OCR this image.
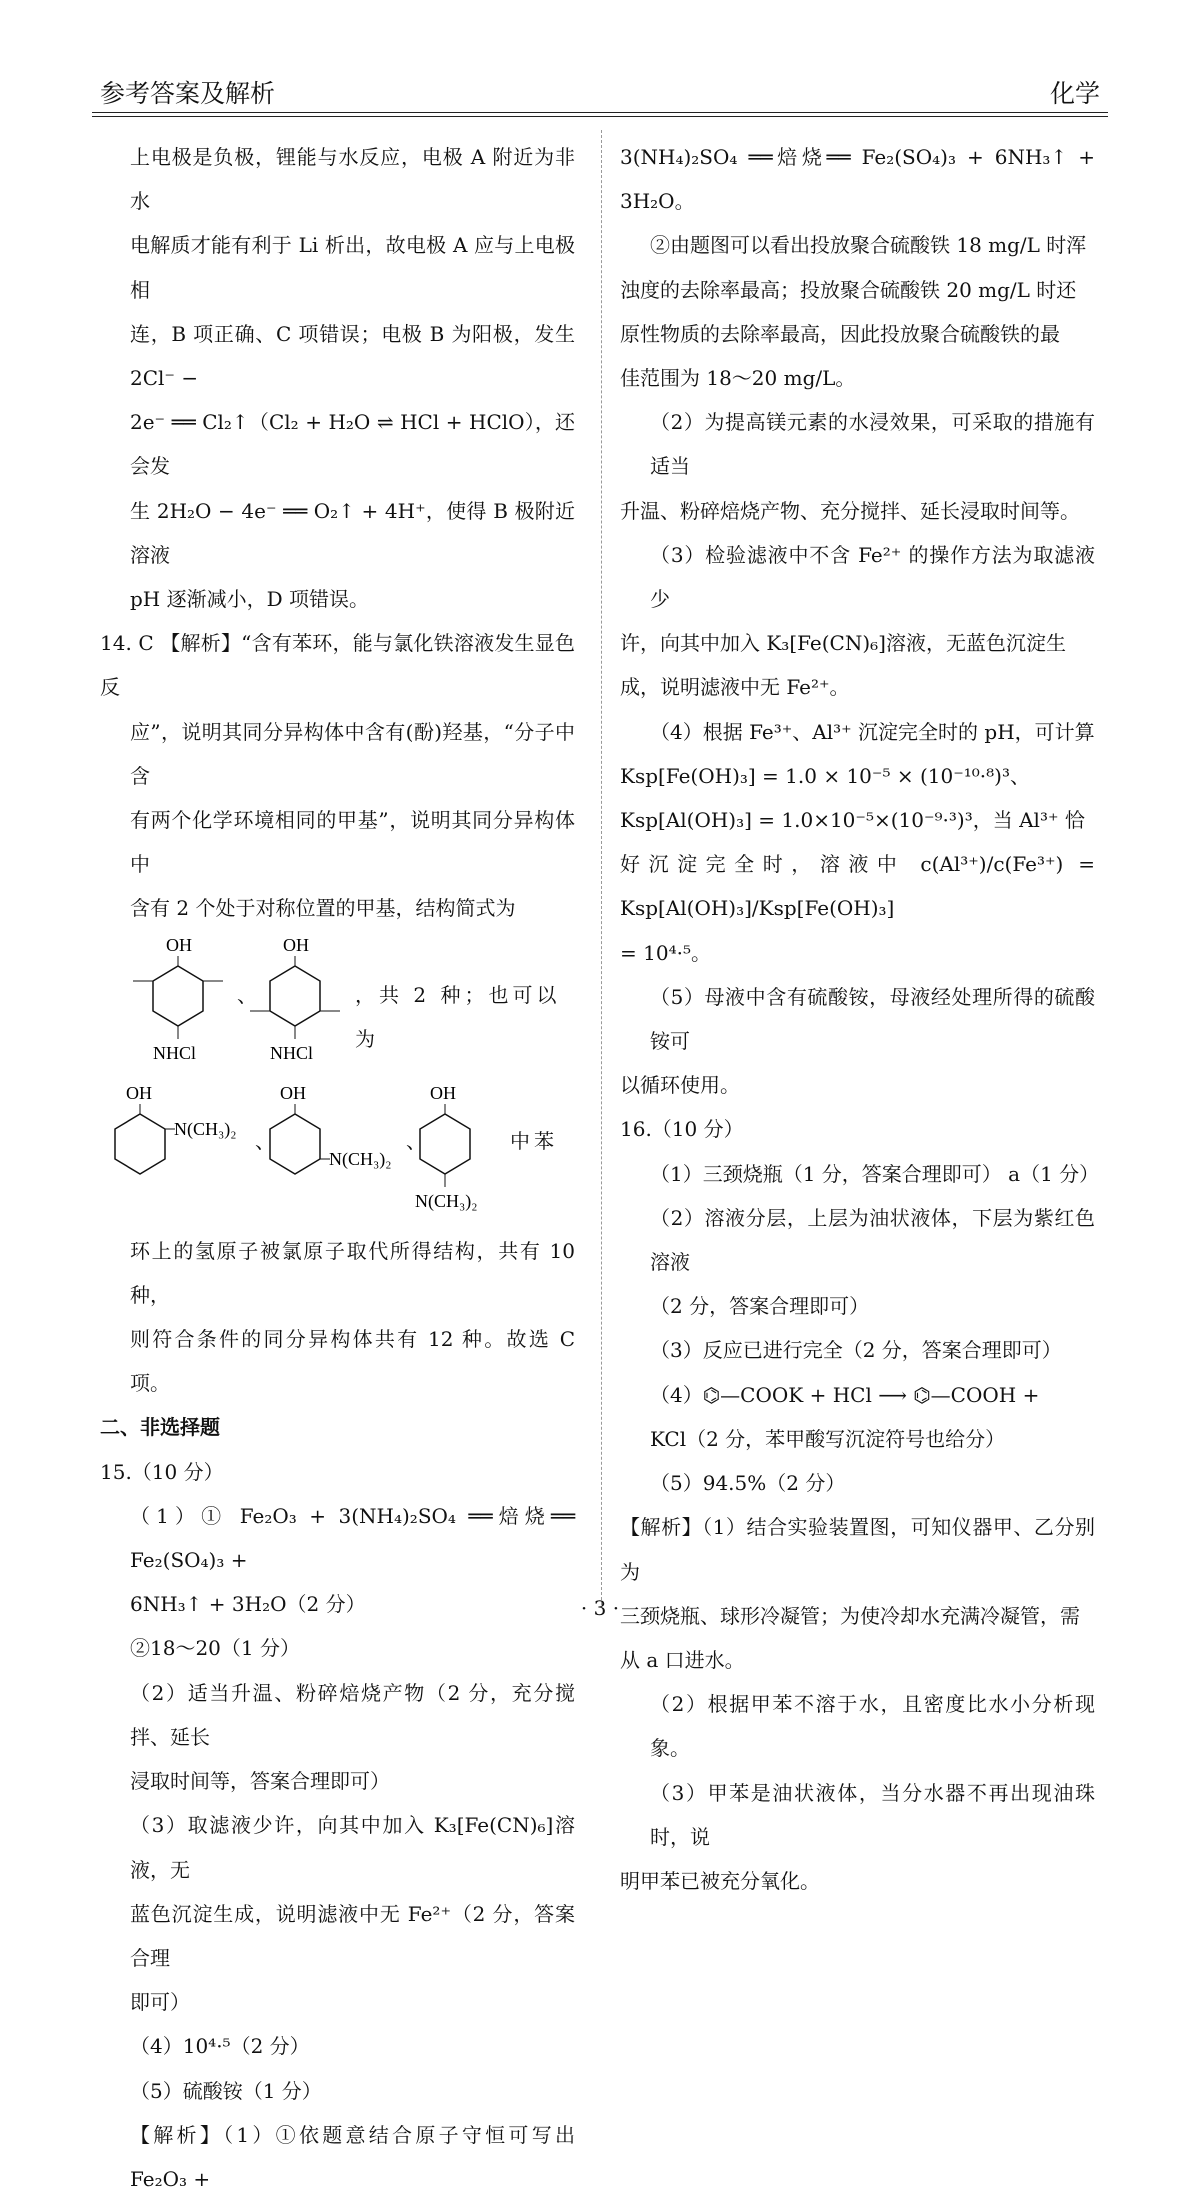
参考答案及解析	化学

上电极是负极，锂能与水反应，电极 A 附近为非水

电解质才能有利于 Li 析出，故电极 A 应与上电极相

连，B 项正确、C 项错误；电极 B 为阳极，发生 2Cl⁻ −

2e⁻ ══ Cl₂↑（Cl₂ + H₂O ⇌ HCl + HClO），还会发

生 2H₂O − 4e⁻ ══ O₂↑ + 4H⁺，使得 B 极附近溶液

pH 逐渐减小，D 项错误。

14. C 【解析】“含有苯环，能与氯化铁溶液发生显色反

应”，说明其同分异构体中含有(酚)羟基，“分子中含

有两个化学环境相同的甲基”，说明其同分异构体中

含有 2 个处于对称位置的甲基，结构简式为

OH
NHCl
、
OH
NHCl
，共 2 种；也可以为
OH
N(CH₃)₂ 、
OH
N(CH₃)₂
、
OH
N(CH₃)₂
中苯

环上的氢原子被氯原子取代所得结构，共有 10 种，

则符合条件的同分异构体共有 12 种。故选 C 项。

二、非选择题

15.（10 分）

（1）① Fe₂O₃ + 3(NH₄)₂SO₄ ══焙烧══ Fe₂(SO₄)₃ +

6NH₃↑ + 3H₂O（2 分）

②18～20（1 分）

（2）适当升温、粉碎焙烧产物（2 分，充分搅拌、延长

浸取时间等，答案合理即可）

（3）取滤液少许，向其中加入 K₃[Fe(CN)₆]溶液，无

蓝色沉淀生成，说明滤液中无 Fe²⁺（2 分，答案合理

即可）

（4）10⁴·⁵（2 分）

（5）硫酸铵（1 分）

【解析】（1）①依题意结合原子守恒可写出 Fe₂O₃ +

3(NH₄)₂SO₄ ══焙烧══ Fe₂(SO₄)₃ + 6NH₃↑ + 3H₂O。

②由题图可以看出投放聚合硫酸铁 18 mg/L 时浑

浊度的去除率最高；投放聚合硫酸铁 20 mg/L 时还

原性物质的去除率最高，因此投放聚合硫酸铁的最

佳范围为 18～20 mg/L。

（2）为提高镁元素的水浸效果，可采取的措施有适当

升温、粉碎焙烧产物、充分搅拌、延长浸取时间等。

（3）检验滤液中不含 Fe²⁺ 的操作方法为取滤液少

许，向其中加入 K₃[Fe(CN)₆]溶液，无蓝色沉淀生

成，说明滤液中无 Fe²⁺。

（4）根据 Fe³⁺、Al³⁺ 沉淀完全时的 pH，可计算

Ksp[Fe(OH)₃] = 1.0 × 10⁻⁵ × (10⁻¹⁰·⁸)³、

Ksp[Al(OH)₃] = 1.0×10⁻⁵×(10⁻⁹·³)³，当 Al³⁺ 恰

好沉淀完全时，溶液中 c(Al³⁺)/c(Fe³⁺) = Ksp[Al(OH)₃]/Ksp[Fe(OH)₃]

= 10⁴·⁵。

（5）母液中含有硫酸铵，母液经处理所得的硫酸铵可

以循环使用。

16.（10 分）

（1）三颈烧瓶（1 分，答案合理即可） a（1 分）

（2）溶液分层，上层为油状液体，下层为紫红色溶液

（2 分，答案合理即可）

（3）反应已进行完全（2 分，答案合理即可）

（4）⌬—COOK + HCl ⟶ ⌬—COOH +

KCl（2 分，苯甲酸写沉淀符号也给分）

（5）94.5%（2 分）

【解析】（1）结合实验装置图，可知仪器甲、乙分别为

三颈烧瓶、球形冷凝管；为使冷却水充满冷凝管，需

从 a 口进水。

（2）根据甲苯不溶于水，且密度比水小分析现象。

（3）甲苯是油状液体，当分水器不再出现油珠时，说

明甲苯已被充分氧化。

· 3 ·
